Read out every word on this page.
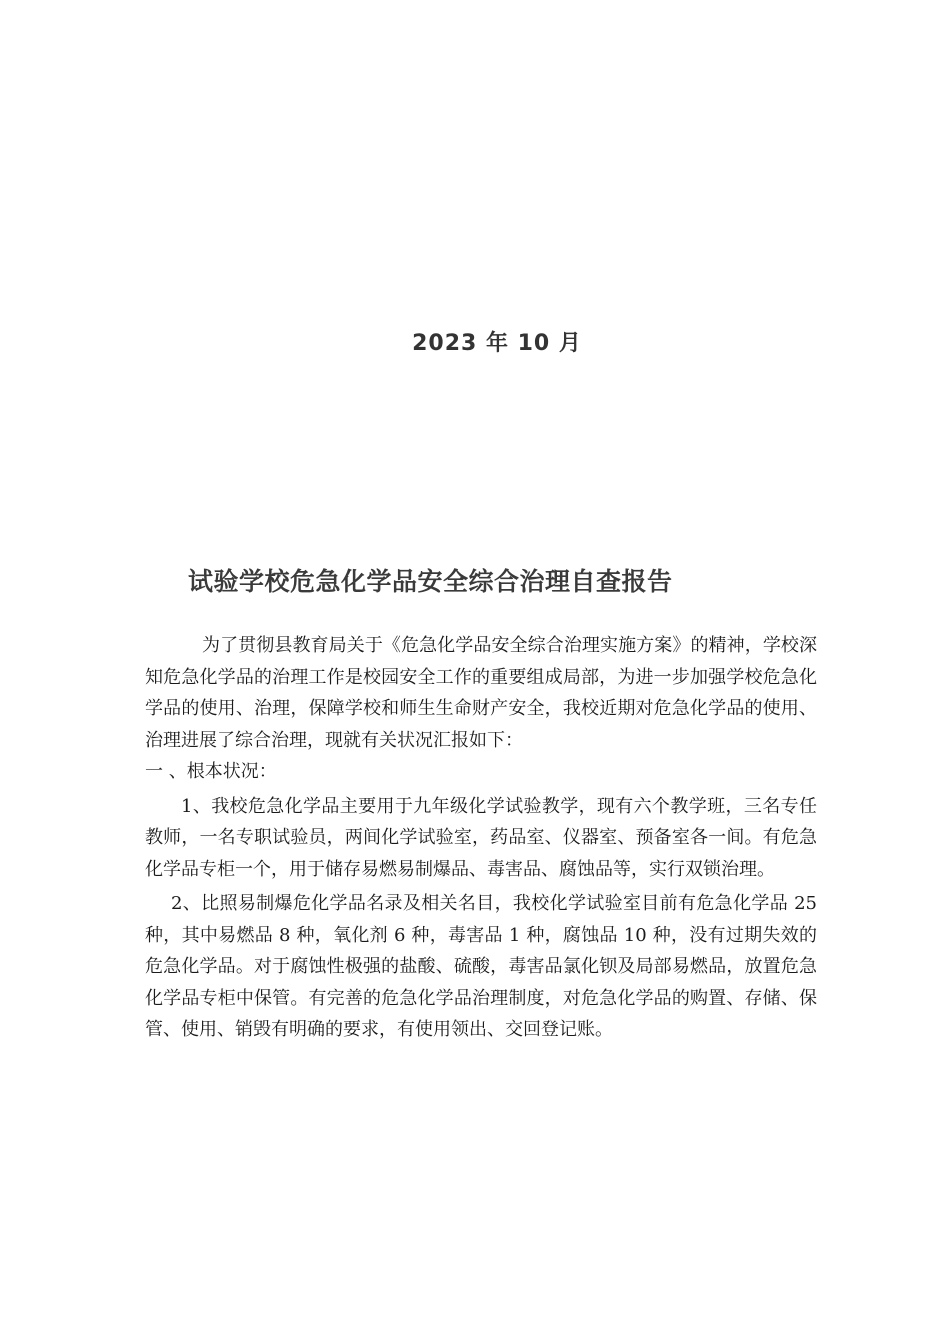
2023 年 10 月
试验学校危急化学品安全综合治理自查报告

为了贯彻县教育局关于《危急化学品安全综合治理实施方案》的精神，学校深知危急化学品的治理工作是校园安全工作的重要组成局部，为进一步加强学校危急化学品的使用、治理，保障学校和师生生命财产安全，我校近期对危急化学品的使用、治理进展了综合治理，现就有关状况汇报如下：

一 、根本状况：

1、我校危急化学品主要用于九年级化学试验教学，现有六个教学班，三名专任教师，一名专职试验员，两间化学试验室，药品室、仪器室、预备室各一间。有危急化学品专柜一个，用于储存易燃易制爆品、毒害品、腐蚀品等，实行双锁治理。

2、比照易制爆危化学品名录及相关名目，我校化学试验室目前有危急化学品 25 种，其中易燃品 8 种，氧化剂 6 种，毒害品 1 种，腐蚀品 10 种，没有过期失效的危急化学品。对于腐蚀性极强的盐酸、硫酸，毒害品氯化钡及局部易燃品，放置危急化学品专柜中保管。有完善的危急化学品治理制度，对危急化学品的购置、存储、保管、使用、销毁有明确的要求，有使用领出、交回登记账。
